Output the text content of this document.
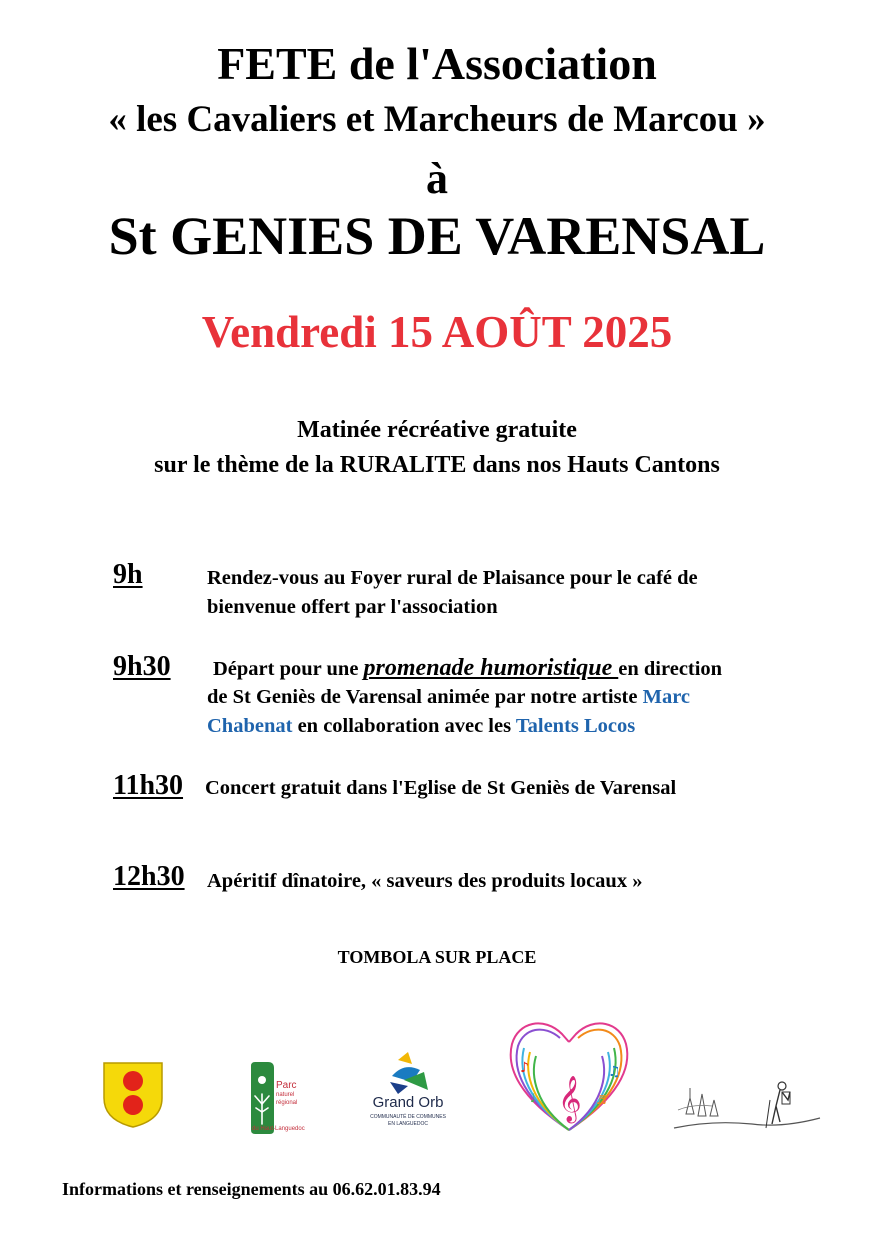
FETE de l'Association
« les Cavaliers et Marcheurs de Marcou »
à
St GENIES DE VARENSAL
Vendredi 15 AOÛT 2025
Matinée récréative gratuite
sur le thème de la RURALITE dans nos Hauts Cantons
9h	Rendez-vous au Foyer rural de Plaisance pour le café de
bienvenue offert par l'association
9h30 Départ pour une promenade humoristique en direction
de St Geniès de Varensal animée par notre artiste Marc
Chabenat en collaboration avec les Talents Locos
11h30 Concert gratuit dans l'Eglise de St Geniès de Varensal
12h30 Apéritif dînatoire, « saveurs des produits locaux »
TOMBOLA SUR PLACE
Parc
naturel
régional
du Haut-Languedoc
Grand Orb
COMMUNAUTÉ DE COMMUNES
EN LANGUEDOC
𝄞
♪	♫
♩	♬
Informations et renseignements au 06.62.01.83.94
